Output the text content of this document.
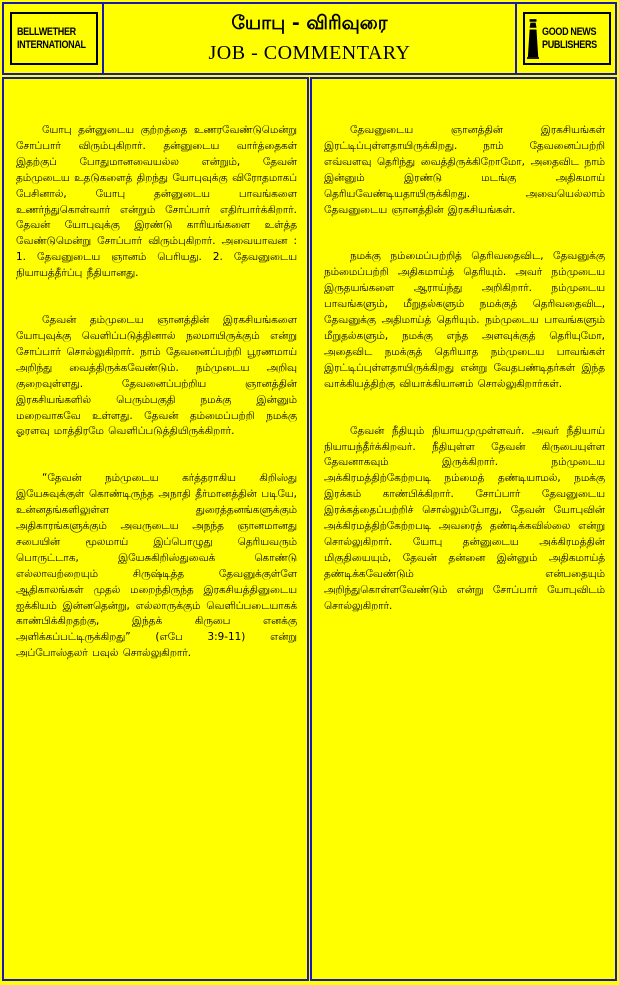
BELLWETHER
INTERNATIONAL
யோபு - விரிவுரை
JOB - COMMENTARY
GOOD NEWS
PUBLISHERS

யோபு தன்னுடைய குற்றத்தை உணரவேண்டுமென்று சோப்பார் விரும்புகிறார். தன்னுடைய வார்த்தைகள் இதற்குப் போதுமானவையல்ல என்றும், தேவன் தம்முடைய உதடுகளைத் திறந்து யோபுவுக்கு விரோதமாகப் பேசினால், யோபு தன்னுடைய பாவங்களை உணர்ந்துகொள்வார் என்றும் சோப்பார் எதிர்பார்க்கிறார். தேவன் யோபுவுக்கு இரண்டு காரியங்களை உள்த்த வேண்டுமென்று சோப்பார் விரும்புகிறார். அவையாவன : 1. தேவனுடைய ஞானம் பெரியது. 2. தேவனுடைய நியாயத்தீர்ப்பு நீதியானது.

தேவன் தம்முடைய ஞானத்தின் இரகசியங்களை யோபுவுக்கு வெளிப்படுத்தினால் நலமாயிருக்கும் என்று சோப்பார் சொல்லுகிறார். நாம் தேவனைப்பற்றி பூரணமாய் அறிந்து வைத்திருக்கவேண்டும். நம்முடைய அறிவு குறைவுள்ளது. தேவனைப்பற்றிய ஞானத்தின் இரகசியங்களில் பெரும்பகுதி நமக்கு இன்னும் மறைவாகவே உள்ளது. தேவன் தம்மைப்பற்றி நமக்கு ஓரளவு மாத்திரமே வெளிப்படுத்தியிருக்கிறார்.

“தேவன் நம்முடைய கர்த்தராகிய கிறிஸ்து இயேசுவுக்குள் கொண்டிருந்த அநாதி தீர்மானத்தின் படியே, உன்னதங்களிலுள்ள துரைத்தனங்களுக்கும் அதிகாரங்களுக்கும் அவருடைய அநந்த ஞானமானது சபையின் மூலமாய் இப்பொழுது தெரியவரும் பொருட்டாக, இயேசுகிறிஸ்துவைக் கொண்டு எல்லாவற்றையும் சிருஷ்டித்த தேவனுக்குள்ளே ஆதிகாலங்கள் முதல் மறைந்திருந்த இரகசியத்தினுடைய ஐக்கியம் இன்னதென்று, எல்லாருக்கும் வெளிப்படையாகக் காண்பிக்கிறதற்கு, இந்தக் கிருபை எனக்கு அளிக்கப்பட்டிருக்கிறது” (எபே 3:9-11) என்று அப்போஸ்தலர் பவுல் சொல்லுகிறார்.

தேவனுடைய ஞானத்தின் இரகசியங்கள் இரட்டிப்புள்ளதாயிருக்கிறது. நாம் தேவனைப்பற்றி எவ்வளவு தெரிந்து வைத்திருக்கிறோமோ, அதைவிட நாம் இன்னும் இரண்டு மடங்கு அதிகமாய் தெரியவேண்டியதாயிருக்கிறது. அவையெல்லாம் தேவனுடைய ஞானத்தின் இரகசியங்கள்.

நமக்கு நம்மைப்பற்றித் தெரிவதைவிட, தேவனுக்கு நம்மைப்பற்றி அதிகமாய்த் தெரியும். அவர் நம்முடைய இருதயங்களை ஆராய்ந்து அறிகிறார். நம்முடைய பாவங்களும், மீறுதல்களும் நமக்குத் தெரிவதைவிட, தேவனுக்கு அதிமாய்த் தெரியும். நம்முடைய பாவங்களும் மீறுதல்களும், நமக்கு எந்த அளவுக்குத் தெரியுமோ, அதைவிட நமக்குத் தெரியாத நம்முடைய பாவங்கள் இரட்டிப்புள்ளதாயிருக்கிறது என்று வேதபண்டிதர்கள் இந்த வாக்கியத்திற்கு வியாக்கியானம் சொல்லுகிறார்கள்.

தேவன் நீதியும் நியாயமுமுள்ளவர். அவர் நீதியாய் நியாயந்தீர்க்கிறவர். நீதியுள்ள தேவன் கிருபையுள்ள தேவனாகவும் இருக்கிறார். நம்முடைய அக்கிரமத்திற்கேற்றபடி நம்மைத் தண்டியாமல், நமக்கு இரக்கம் காண்பிக்கிறார். சோப்பார் தேவனுடைய இரக்கத்தைப்பற்றிச் சொல்லும்போது, தேவன் யோபுவின் அக்கிரமத்திற்கேற்றபடி அவரைத் தண்டிக்கவில்லை என்று சொல்லுகிறார். யோபு தன்னுடைய அக்கிரமத்தின் மிகுதியையும், தேவன் தன்னை இன்னும் அதிகமாய்த் தண்டிக்கவேண்டும் என்பதையும் அறிந்துகொள்ளவேண்டும் என்று சோப்பார் யோபுவிடம் சொல்லுகிறார்.
